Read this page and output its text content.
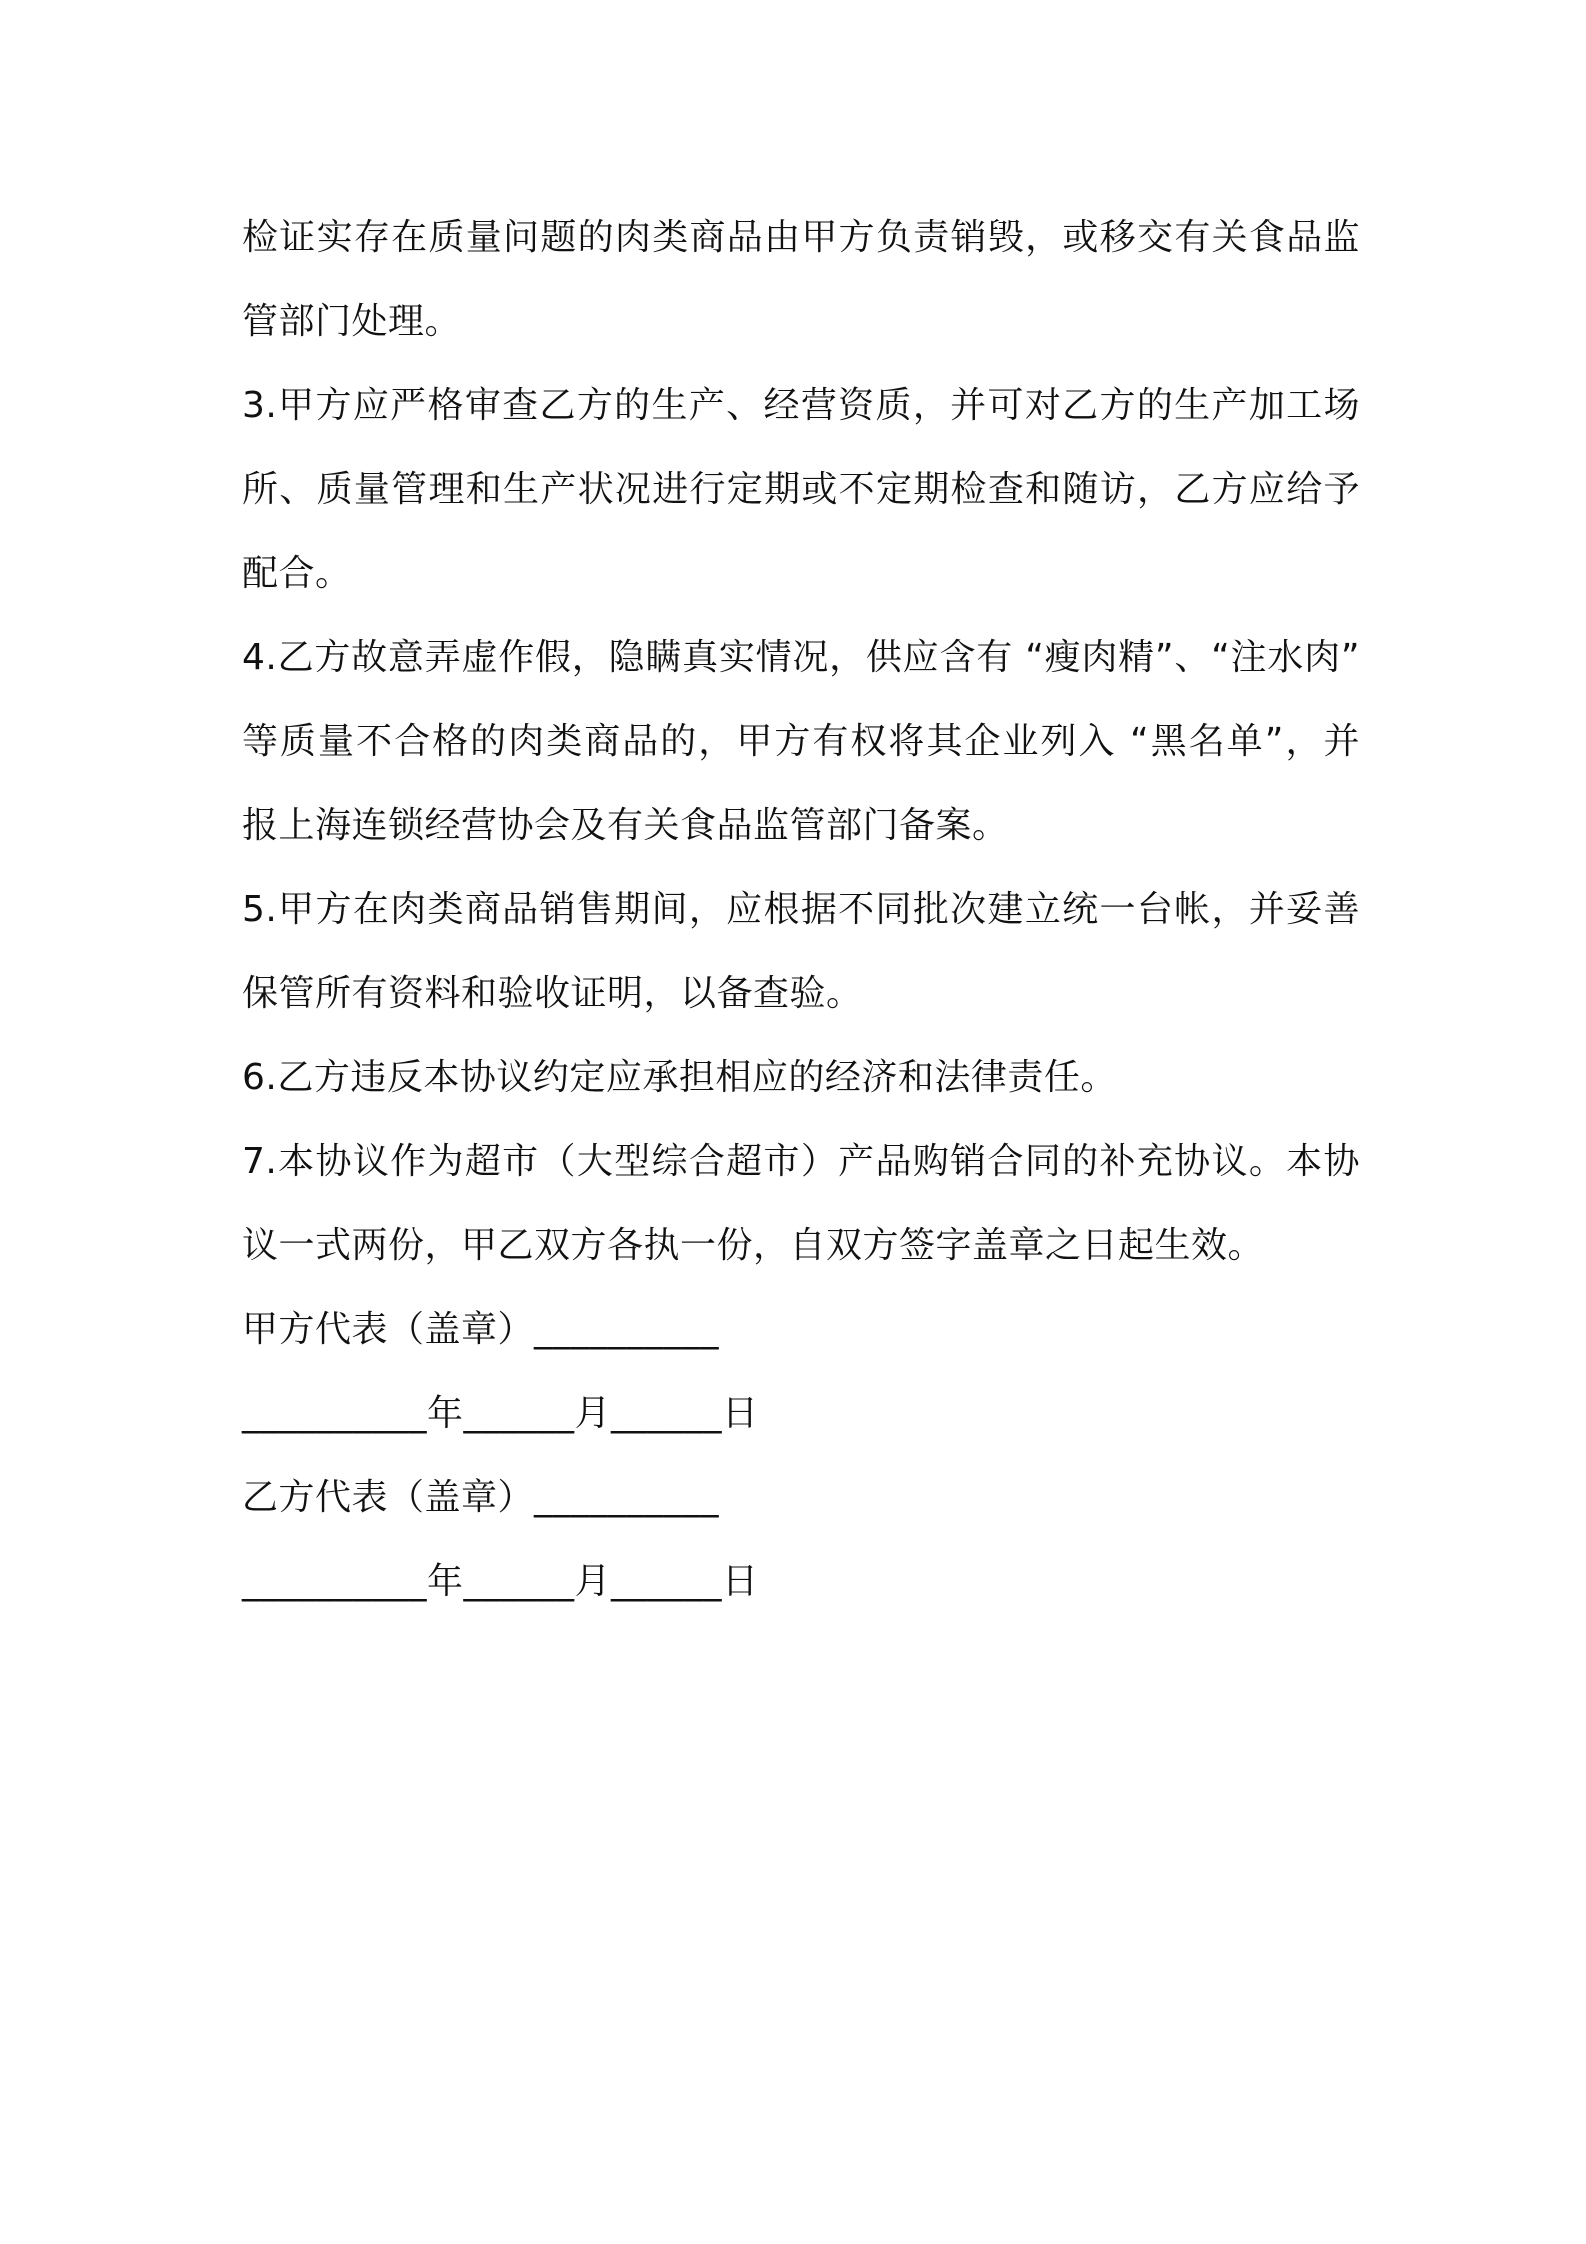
检证实存在质量问题的肉类商品由甲方负责销毁，或移交有关食品监
管部门处理。
3.甲方应严格审查乙方的生产、经营资质，并可对乙方的生产加工场
所、质量管理和生产状况进行定期或不定期检查和随访，乙方应给予
配合。
4.乙方故意弄虚作假，隐瞒真实情况，供应含有 “瘦肉精”、“注水肉”
等质量不合格的肉类商品的，甲方有权将其企业列入 “黑名单”，并
报上海连锁经营协会及有关食品监管部门备案。
5.甲方在肉类商品销售期间，应根据不同批次建立统一台帐，并妥善
保管所有资料和验收证明，以备查验。
6.乙方违反本协议约定应承担相应的经济和法律责任。
7.本协议作为超市（大型综合超市）产品购销合同的补充协议。本协
议一式两份，甲乙双方各执一份，自双方签字盖章之日起生效。
甲方代表（盖章）__________
__________年______月______日
乙方代表（盖章）__________
__________年______月______日
